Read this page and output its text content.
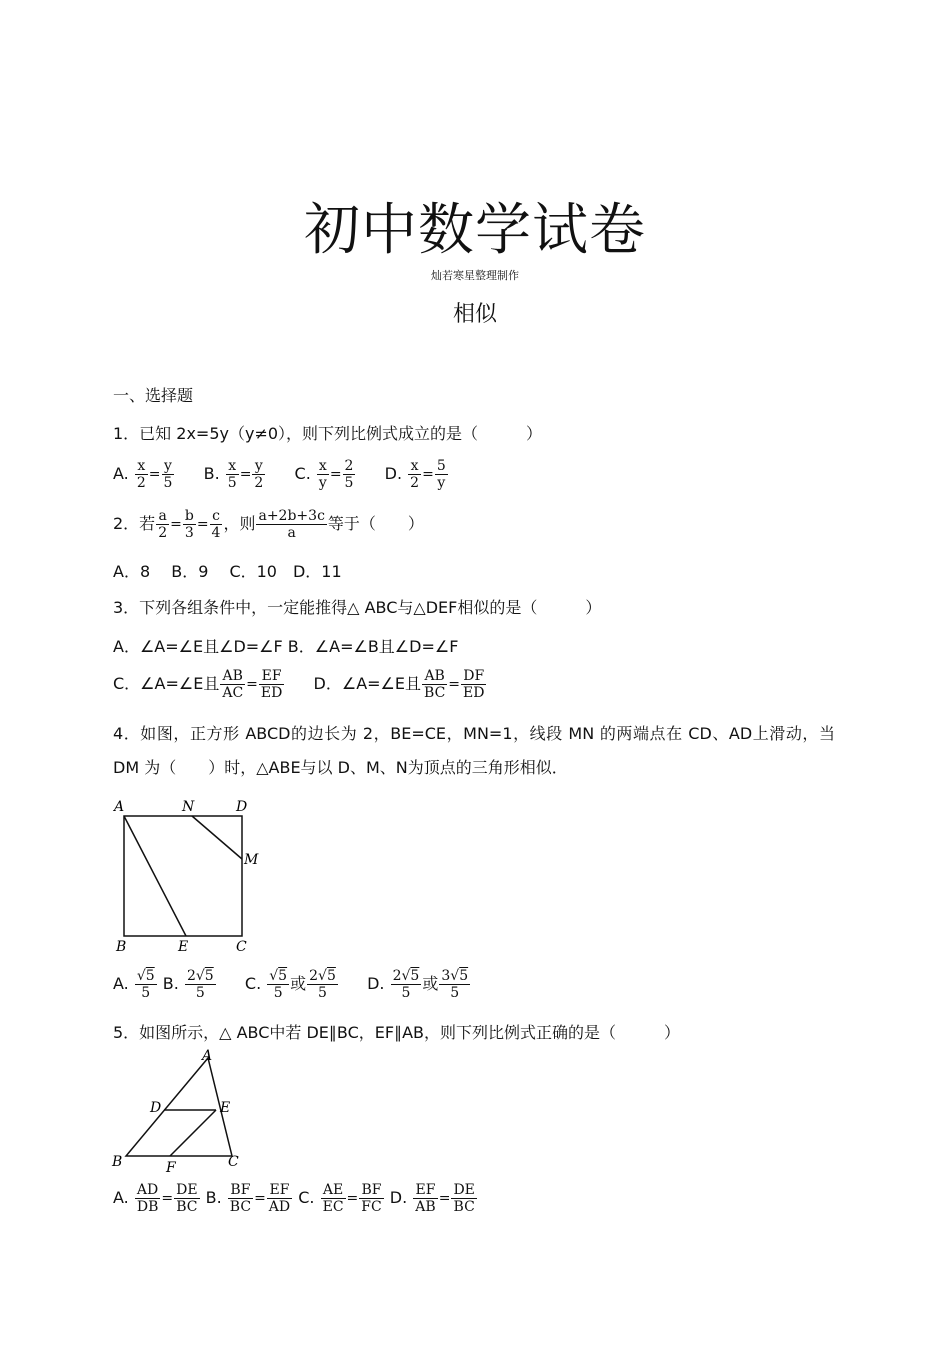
初中数学试卷
灿若寒星整理制作
相似
一、选择题
1．已知 2x=5y（y≠0），则下列比例式成立的是（　　　）
A. $\frac{x}{2} = \frac{y}{5} B$. $\frac{x}{5} = \frac{y}{2} C$. $\frac{x}{y} = \frac{2}{5} D$. $\frac{x}{2} = \frac{5}{y}$
2．若 $\frac{a}{2} = \frac{b}{3} = \frac{c}{4}$ ，则 $\frac{a+2b+3c}{a}$ 等于（　　）
A．8　 B．9　 C．10　D．11
3．下列各组条件中，一定能推得△ ABC与△DEF相似的是（　　　）
A．∠A=∠E且∠D=∠F B．∠A=∠B且∠D=∠F
C．∠A=∠E且 $\frac{AB}{AC} = \frac{EF}{ED}$ D．∠A=∠E且 $\frac{AB}{BC} = \frac{DF}{ED}$
4．如图，正方形 ABCD的边长为 2，BE=CE，MN=1，线段 MN 的两端点在 CD、AD上滑动，当 DM 为（　　）时，△ABE与以 D、M、N为顶点的三角形相似．
A	N	D
M
B	E	C
A. $\frac{√5}{5} B$. $\frac{2√5}{5} C$. $\frac{√5}{5}$ 或 $\frac{2√5}{5} D$. $\frac{2√5}{5}$ 或 $\frac{3√5}{5}$
5．如图所示，△ ABC中若 DE∥BC，EF∥AB，则下列比例式正确的是（　　　）
A
D	E
B	F	C
A. $\frac{AD}{DB} = \frac{DE}{BC} B$. $\frac{BF}{BC} = \frac{EF}{AD} C$. $\frac{AE}{EC} = \frac{BF}{FC} D$. $\frac{EF}{AB} = \frac{DE}{BC}$
